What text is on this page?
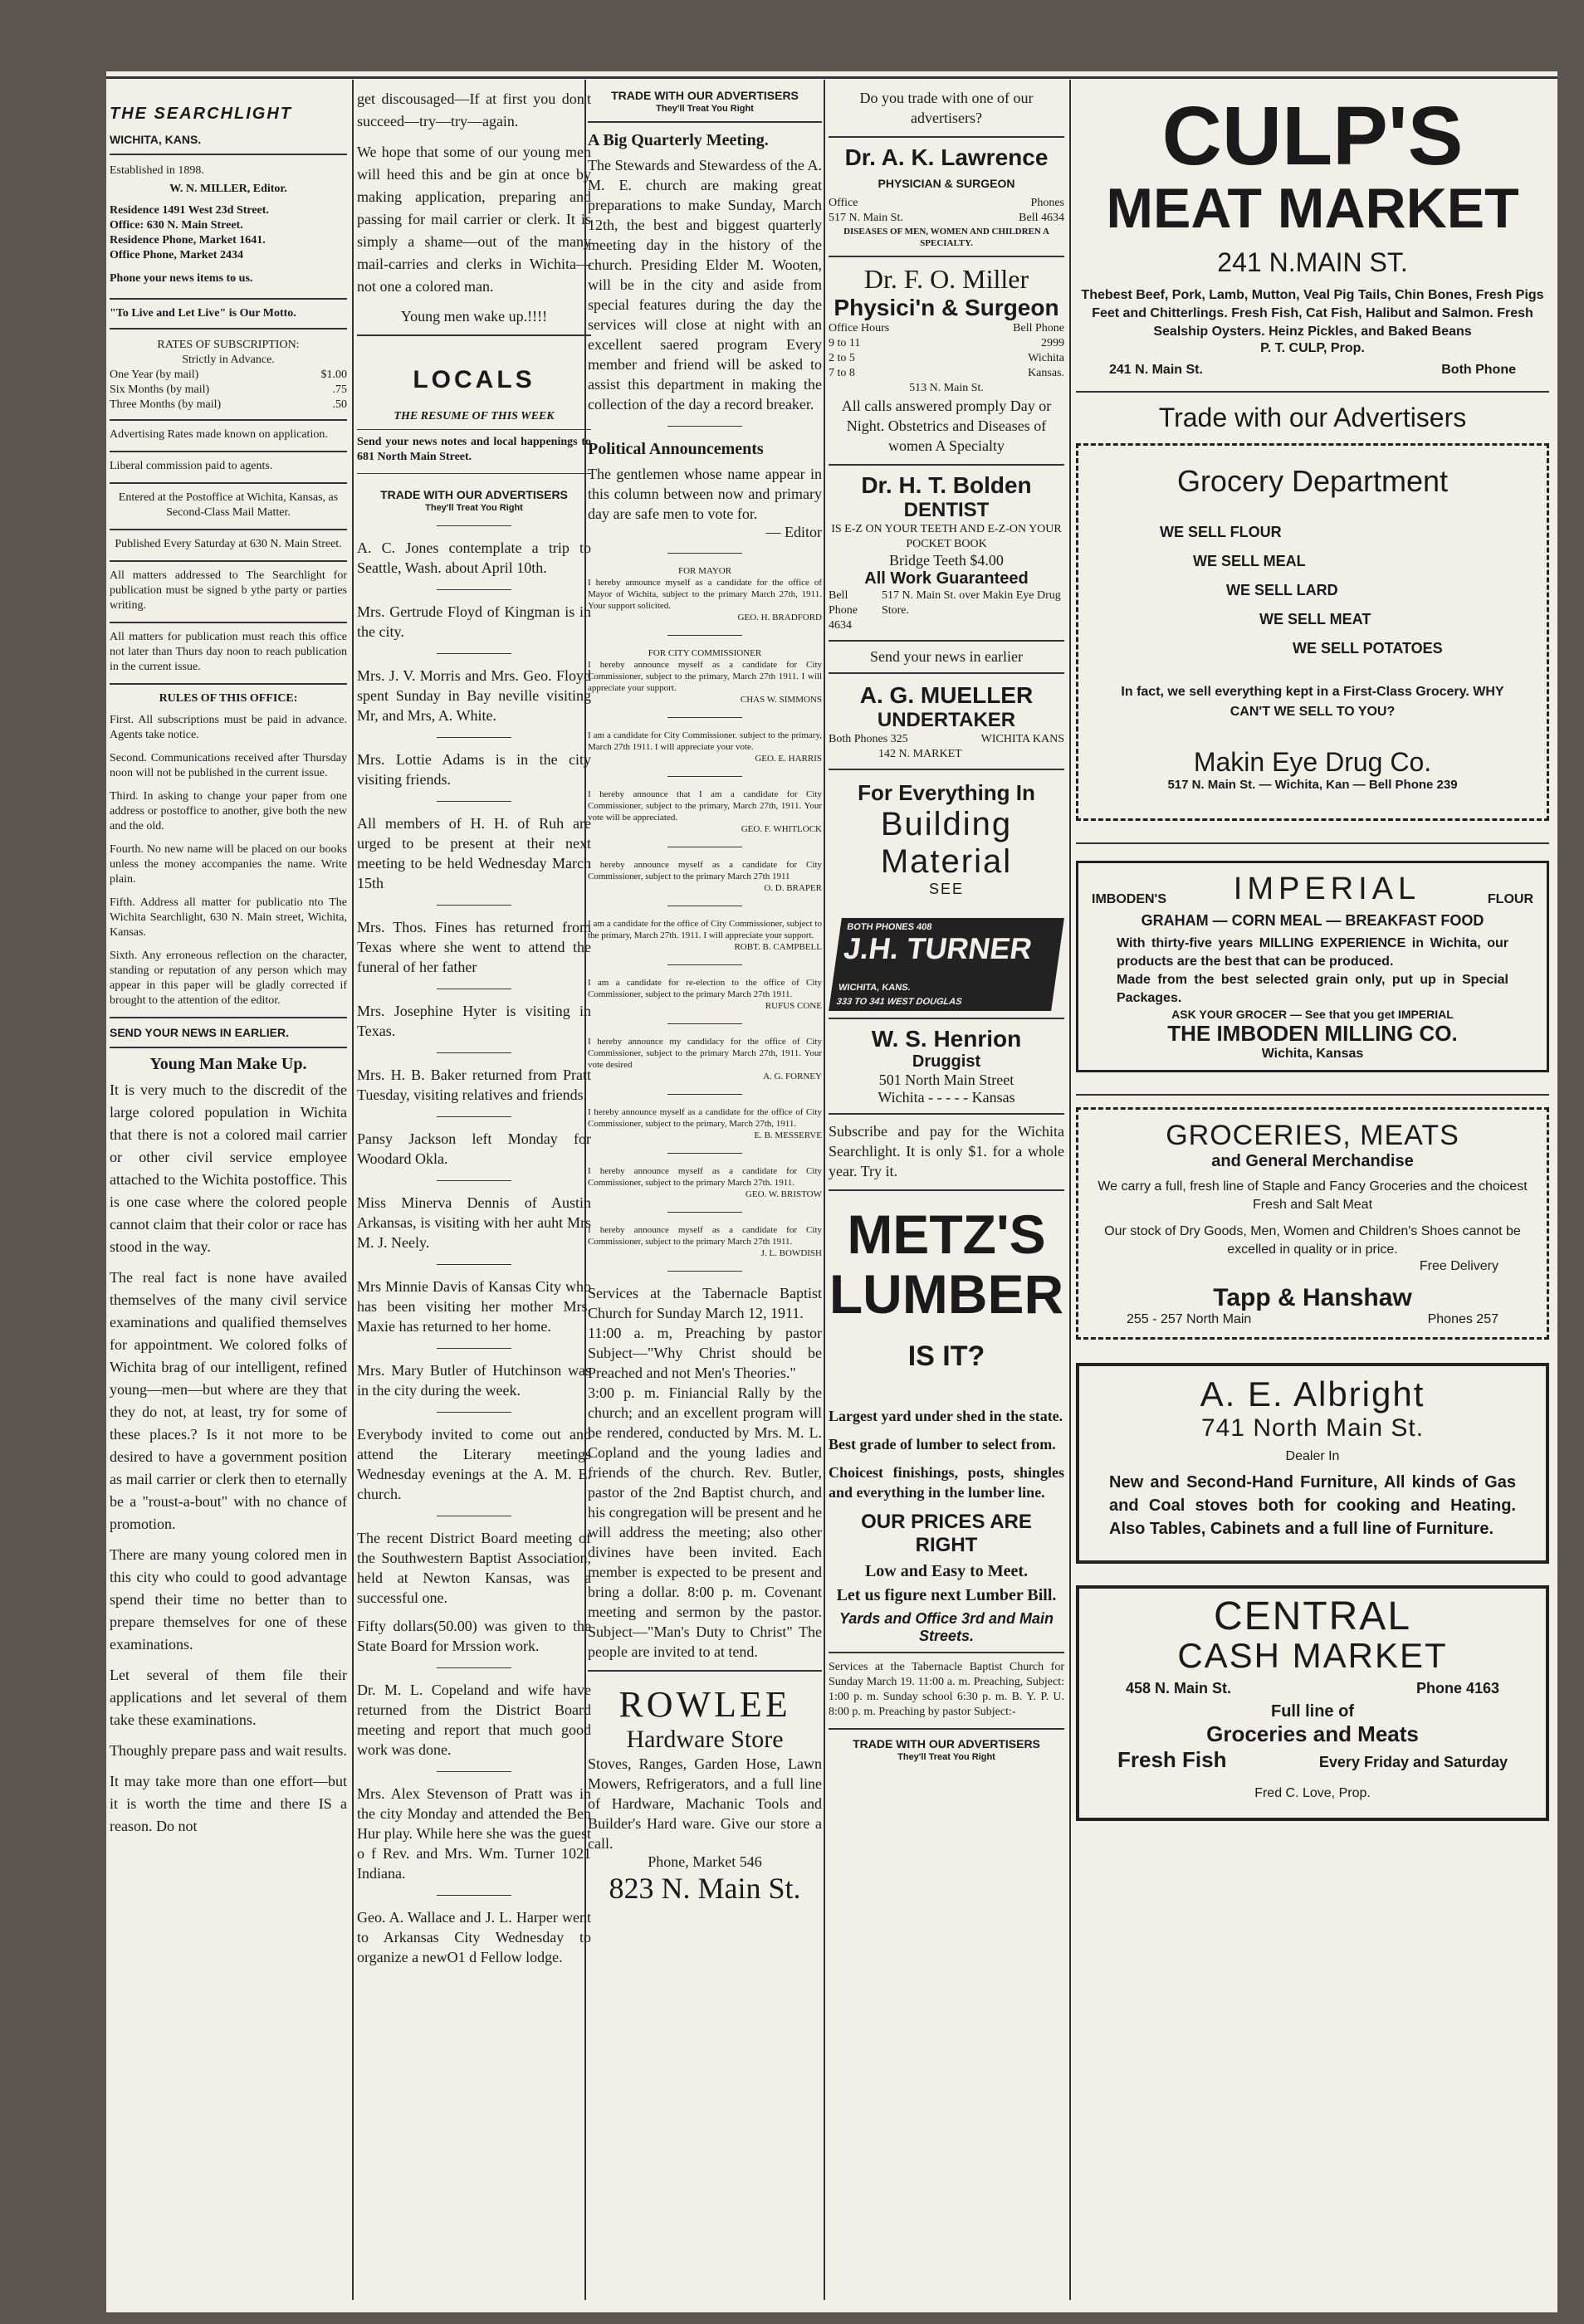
THE SEARCHLIGHT
WICHITA, KANS.

Established in 1898.

W. N. MILLER, Editor.

Residence 1491 West 23d Street.
Office: 630 N. Main Street.
Residence Phone, Market 1641.
Office Phone, Market 2434
Phone your news items to us.
"To Live and Let Live" is Our Motto.
RATES OF SUBSCRIPTION:
Strictly in Advance.
One Year (by mail)	$1.00
Six Months (by mail)	.75
Three Months (by mail)	.50

Advertising Rates made known on application.

Liberal commission paid to agents.

Entered at the Postoffice at Wichita, Kansas, as Second-Class Mail Matter.

Published Every Saturday at 630 N. Main Street.

All matters addressed to The Searchlight for publication must be signed b ythe party or parties writing.

All matters for publication must reach this office not later than Thurs day noon to reach publication in the current issue.

RULES OF THIS OFFICE:

First. All subscriptions must be paid in advance. Agents take notice.

Second. Communications received after Thursday noon will not be published in the current issue.

Third. In asking to change your paper from one address or postoffice to another, give both the new and the old.

Fourth. No new name will be placed on our books unless the money accompanies the name. Write plain.

Fifth. Address all matter for publicatio nto The Wichita Searchlight, 630 N. Main street, Wichita, Kansas.

Sixth. Any erroneous reflection on the character, standing or reputation of any person which may appear in this paper will be gladly corrected if brought to the attention of the editor.

SEND YOUR NEWS IN EARLIER.
Young Man Make Up.

It is very much to the discredit of the large colored population in Wichita that there is not a colored mail carrier or other civil service employee attached to the Wichita postoffice. This is one case where the colored people cannot claim that their color or race has stood in the way.

The real fact is none have availed themselves of the many civil service examinations and qualified themselves for appointment. We colored folks of Wichita brag of our intelligent, refined young—men—but where are they that they do not, at least, try for some of these places.? Is it not more to be desired to have a government position as mail carrier or clerk then to eternally be a "roust-a-bout" with no chance of promotion.

There are many young colored men in this city who could to good advantage spend their time no better than to prepare themselves for one of these examinations.

Let several of them file their applications and let several of them take these examinations.

Thoughly prepare pass and wait results.

It may take more than one effort—but it is worth the time and there IS a reason. Do not

get discousaged—If at first you don't succeed—try—try—again.

We hope that some of our young men will heed this and be gin at once by making application, preparing and passing for mail carrier or clerk. It is simply a shame—out of the many mail-carries and clerks in Wichita—not one a colored man.

Young men wake up.!!!!

LOCALS
THE RESUME OF THIS WEEK

Send your news notes and local happenings to 681 North Main Street.

TRADE WITH OUR ADVERTISERS
They'll Treat You Right

A. C. Jones contemplate a trip to Seattle, Wash. about April 10th.

Mrs. Gertrude Floyd of Kingman is in the city.

Mrs. J. V. Morris and Mrs. Geo. Floyd spent Sunday in Bay neville visiting Mr, and Mrs, A. White.

Mrs. Lottie Adams is in the city visiting friends.

All members of H. H. of Ruh are urged to be present at their next meeting to be held Wednesday March 15th

Mrs. Thos. Fines has returned from Texas where she went to attend the funeral of her father

Mrs. Josephine Hyter is visiting in Texas.

Mrs. H. B. Baker returned from Pratt Tuesday, visiting relatives and friends.

Pansy Jackson left Monday for Woodard Okla.

Miss Minerva Dennis of Austin Arkansas, is visiting with her auht Mrs M. J. Neely.

Mrs Minnie Davis of Kansas City who has been visiting her mother Mrs. Maxie has returned to her home.

Mrs. Mary Butler of Hutchinson was in the city during the week.

Everybody invited to come out and attend the Literary meetings Wednesday evenings at the A. M. E. church.

The recent District Board meeting of the Southwestern Baptist Association, held at Newton Kansas, was a successful one.

Fifty dollars(50.00) was given to the State Board for Mrssion work.

Dr. M. L. Copeland and wife have returned from the District Board meeting and report that much good work was done.

Mrs. Alex Stevenson of Pratt was in the city Monday and attended the Ben Hur play. While here she was the guest o f Rev. and Mrs. Wm. Turner 1021 Indiana.

Geo. A. Wallace and J. L. Harper went to Arkansas City Wednesday to organize a newO1 d Fellow lodge.

TRADE WITH OUR ADVERTISERS
They'll Treat You Right
A Big Quarterly Meeting.

The Stewards and Stewardess of the A. M. E. church are making great preparations to make Sunday, March 12th, the best and biggest quarterly meeting day in the history of the church. Presiding Elder M. Wooten, will be in the city and aside from special features during the day the services will close at night with an excellent saered program Every member and friend will be asked to assist this department in making the collection of the day a record breaker.

Political Announcements

The gentlemen whose name appear in this column between now and primary day are safe men to vote for.

— Editor
FOR MAYOR

I hereby announce myself as a candidate for the office of Mayor of Wichita, subject to the primary March 27th, 1911. Your support solicited.

GEO. H. BRADFORD
FOR CITY COMMISSIONER

I hereby announce myself as a candidate for City Commissioner, subject to the primary, March 27th 1911. I will appreciate your support.

CHAS W. SIMMONS

I am a candidate for City Commissioner. subject to the primary, March 27th 1911. I will appreciate your vote.

GEO. E. HARRIS

I hereby announce that I am a candidate for City Commissioner, subject to the primary, March 27th, 1911. Your vote will be appreciated.

GEO. F. WHITLOCK

I hereby announce myself as a candidate for City Commissioner, subject to the primary March 27th 1911

O. D. BRAPER

I am a candidate for the office of City Commissioner, subject to the primary, March 27th. 1911. I will appreciate your support.

ROBT. B. CAMPBELL

I am a candidate for re-election to the office of City Commissioner, subject to the primary March 27th 1911.

RUFUS CONE

I hereby announce my candidacy for the office of City Commissioner, subject to the primary March 27th, 1911. Your vote desired

A. G. FORNEY

I hereby announce myself as a candidate for the office of City Commissioner, subject to the primary, March 27th, 1911.

E. B. MESSERVE

I hereby announce myself as a candidate for City Commissioner, subject to the primary March 27th. 1911.

GEO. W. BRISTOW

I hereby announce myself as a candidate for City Commissioner, subject to the primary March 27th 1911.

J. L. BOWDISH

Services at the Tabernacle Baptist Church for Sunday March 12, 1911.

11:00 a. m, Preaching by pastor Subject—"Why Christ should be Preached and not Men's Theories."

3:00 p. m. Finiancial Rally by the church; and an excellent program will be rendered, conducted by Mrs. M. L. Copland and the young ladies and friends of the church. Rev. Butler, pastor of the 2nd Baptist church, and his congregation will be present and he will address the meeting; also other divines have been invited. Each member is expected to be present and bring a dollar. 8:00 p. m. Covenant meeting and sermon by the pastor. Subject—"Man's Duty to Christ" The people are invited to at tend.

ROWLEE
Hardware Store

Stoves, Ranges, Garden Hose, Lawn Mowers, Refrigerators, and a full line of Hardware, Machanic Tools and Builder's Hard ware. Give our store a call.

Phone, Market 546
823 N. Main St.

Do you trade with one of our advertisers?

Dr. A. K. Lawrence
PHYSICIAN & SURGEON
Office	Phones
517 N. Main St.	Bell 4634
DISEASES OF MEN, WOMEN AND CHILDREN A SPECIALTY.
Dr. F. O. Miller
Physici'n & Surgeon
Office Hours	Bell Phone
9 to 11	2999
2 to 5	Wichita
7 to 8	Kansas.
513 N. Main St.

All calls answered promply Day or Night. Obstetrics and Diseases of women A Specialty

Dr. H. T. Bolden
DENTIST
IS E-Z ON YOUR TEETH AND E-Z-ON YOUR POCKET BOOK
Bridge Teeth $4.00
All Work Guaranteed
Bell Phone
4634
517 N. Main St. over Makin Eye Drug Store.
Send your news in earlier
A. G. MUELLER
UNDERTAKER
Both Phones 325	WICHITA KANS
142 N. MARKET
For Everything In
Building
Material
SEE
BOTH PHONES 408
J.H. TURNER WICHITA, KANS.
333 TO 341 WEST DOUGLAS
W. S. Henrion
Druggist
501 North Main Street
Wichita - - - - - Kansas

Subscribe and pay for the Wichita Searchlight. It is only $1. for a whole year. Try it.

METZ'S
LUMBER
IS IT?

Largest yard under shed in the state.

Best grade of lumber to select from.

Choicest finishings, posts, shingles and everything in the lumber line.

OUR PRICES ARE RIGHT
Low and Easy to Meet.
Let us figure next Lumber Bill.
Yards and Office 3rd and Main Streets.

Services at the Tabernacle Baptist Church for Sunday March 19. 11:00 a. m. Preaching, Subject: 1:00 p. m. Sunday school 6:30 p. m. B. Y. P. U. 8:00 p. m. Preaching by pastor Subject:-

TRADE WITH OUR ADVERTISERS
They'll Treat You Right
CULP'S
MEAT MARKET
241 N.MAIN ST.

Thebest Beef, Pork, Lamb, Mutton, Veal Pig Tails, Chin Bones, Fresh Pigs Feet and Chitterlings. Fresh Fish, Cat Fish, Halibut and Salmon. Fresh Sealship Oysters. Heinz Pickles, and Baked Beans

P. T. CULP, Prop.
241 N. Main St.	Both Phone
Trade with our Advertisers
Grocery Department
WE SELL FLOUR
WE SELL MEAL
WE SELL LARD
WE SELL MEAT
WE SELL POTATOES

In fact, we sell everything kept in a First-Class Grocery. WHY CAN'T WE SELL TO YOU?

Makin Eye Drug Co.
517 N. Main St. — Wichita, Kan — Bell Phone 239
IMBODEN'S IMPERIAL	FLOUR
GRAHAM — CORN MEAL — BREAKFAST FOOD

With thirty-five years MILLING EXPERIENCE in Wichita, our products are the best that can be produced.

Made from the best selected grain only, put up in Special Packages.

ASK YOUR GROCER — See that you get IMPERIAL
THE IMBODEN MILLING CO.
Wichita, Kansas
GROCERIES, MEATS
and General Merchandise

We carry a full, fresh line of Staple and Fancy Groceries and the choicest Fresh and Salt Meat

Our stock of Dry Goods, Men, Women and Children's Shoes cannot be excelled in quality or in price.

Free Delivery
Tapp & Hanshaw
255 - 257 North Main	Phones 257
A. E. Albright
741 North Main St.
Dealer In

New and Second-Hand Furniture, All kinds of Gas and Coal stoves both for cooking and Heating. Also Tables, Cabinets and a full line of Furniture.

CENTRAL
CASH MARKET
458 N. Main St.	Phone 4163
Full line of
Groceries and Meats
Fresh Fish	Every Friday and Saturday
Fred C. Love, Prop.
